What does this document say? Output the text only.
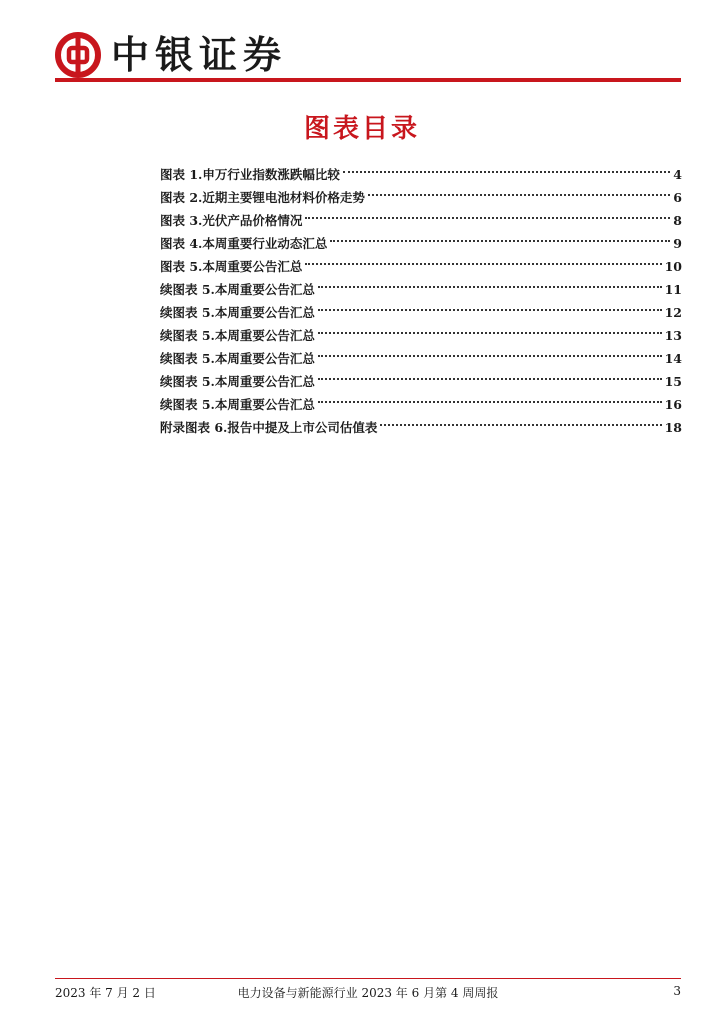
中银证券
图表目录
图表 1.申万行业指数涨跌幅比较	4
图表 2.近期主要锂电池材料价格走势	6
图表 3.光伏产品价格情况	8
图表 4.本周重要行业动态汇总	9
图表 5.本周重要公告汇总	10
续图表 5.本周重要公告汇总	11
续图表 5.本周重要公告汇总	12
续图表 5.本周重要公告汇总	13
续图表 5.本周重要公告汇总	14
续图表 5.本周重要公告汇总	15
续图表 5.本周重要公告汇总	16
附录图表 6.报告中提及上市公司估值表	18
2023 年 7 月 2 日	电力设备与新能源行业 2023 年 6 月第 4 周周报	3
